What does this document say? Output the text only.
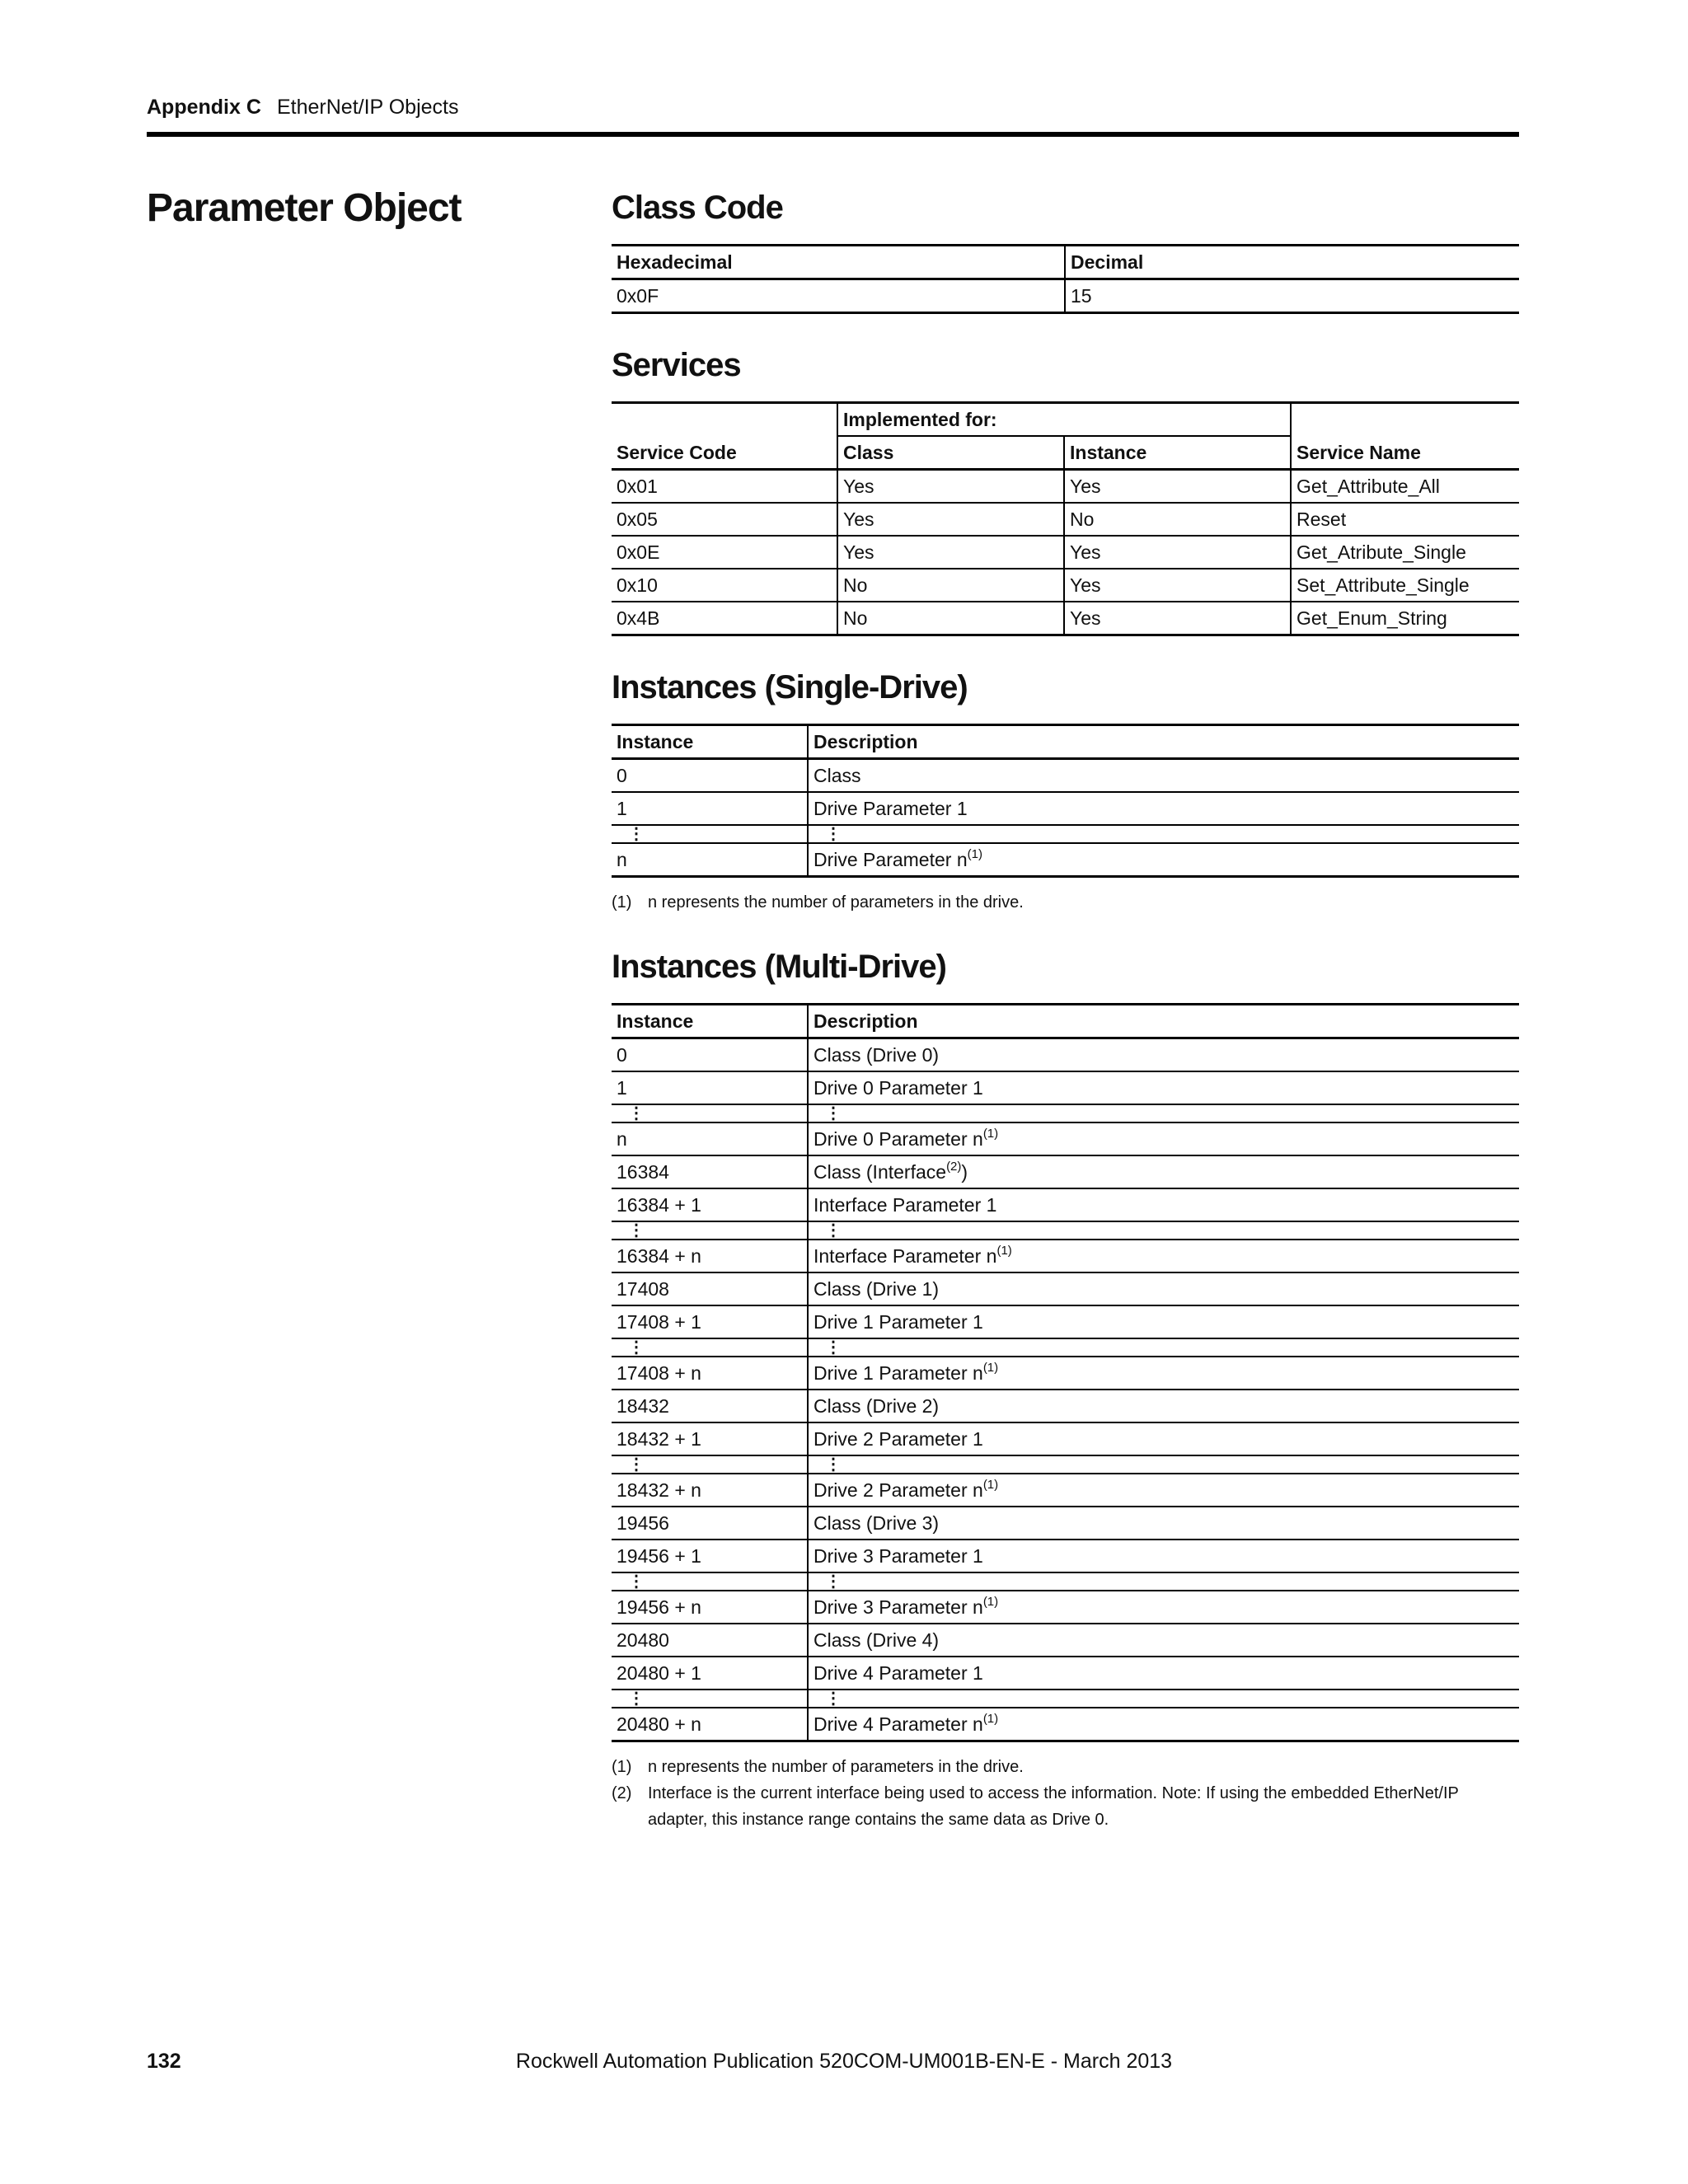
Appendix C EtherNet/IP Objects
Parameter Object	Class Code
Hexadecimal	Decimal
0x0F	15
Services
Service Code	Implemented for:		Service Name
	Class	Instance	
0x01	Yes	Yes	Get_Attribute_All
0x05	Yes	No	Reset
0x0E	Yes	Yes	Get_Atribute_Single
0x10	No	Yes	Set_Attribute_Single
0x4B	No	Yes	Get_Enum_String
Instances (Single-Drive)
Instance	Description
0	Class
1	Drive Parameter 1
⋮	⋮
n	Drive Parameter $n^{(1)}$
(1) n represents the number of parameters in the drive.
Instances (Multi-Drive)
Instance	Description
0	Class (Drive 0)
1	Drive 0 Parameter 1
⋮	⋮
n	Drive 0 Parameter $n^{(1)}$
16384	Class (Interface$^{(2)}$)
16384 + 1	Interface Parameter 1
⋮	⋮
16384 + n	Interface Parameter $n^{(1)}$
17408	Class (Drive 1)
17408 + 1	Drive 1 Parameter 1
⋮	⋮
17408 + n	Drive 1 Parameter $n^{(1)}$
18432	Class (Drive 2)
18432 + 1	Drive 2 Parameter 1
⋮	⋮
18432 + n	Drive 2 Parameter $n^{(1)}$
19456	Class (Drive 3)
19456 + 1	Drive 3 Parameter 1
⋮	⋮
19456 + n	Drive 3 Parameter $n^{(1)}$
20480	Class (Drive 4)
20480 + 1	Drive 4 Parameter 1
⋮	⋮
20480 + n	Drive 4 Parameter $n^{(1)}$
(1) n represents the number of parameters in the drive.
(2) Interface is the current interface being used to access the information. Note: If using the embedded EtherNet/IP adapter, this instance range contains the same data as Drive 0.
132	Rockwell Automation Publication 520COM-UM001B-EN-E - March 2013
